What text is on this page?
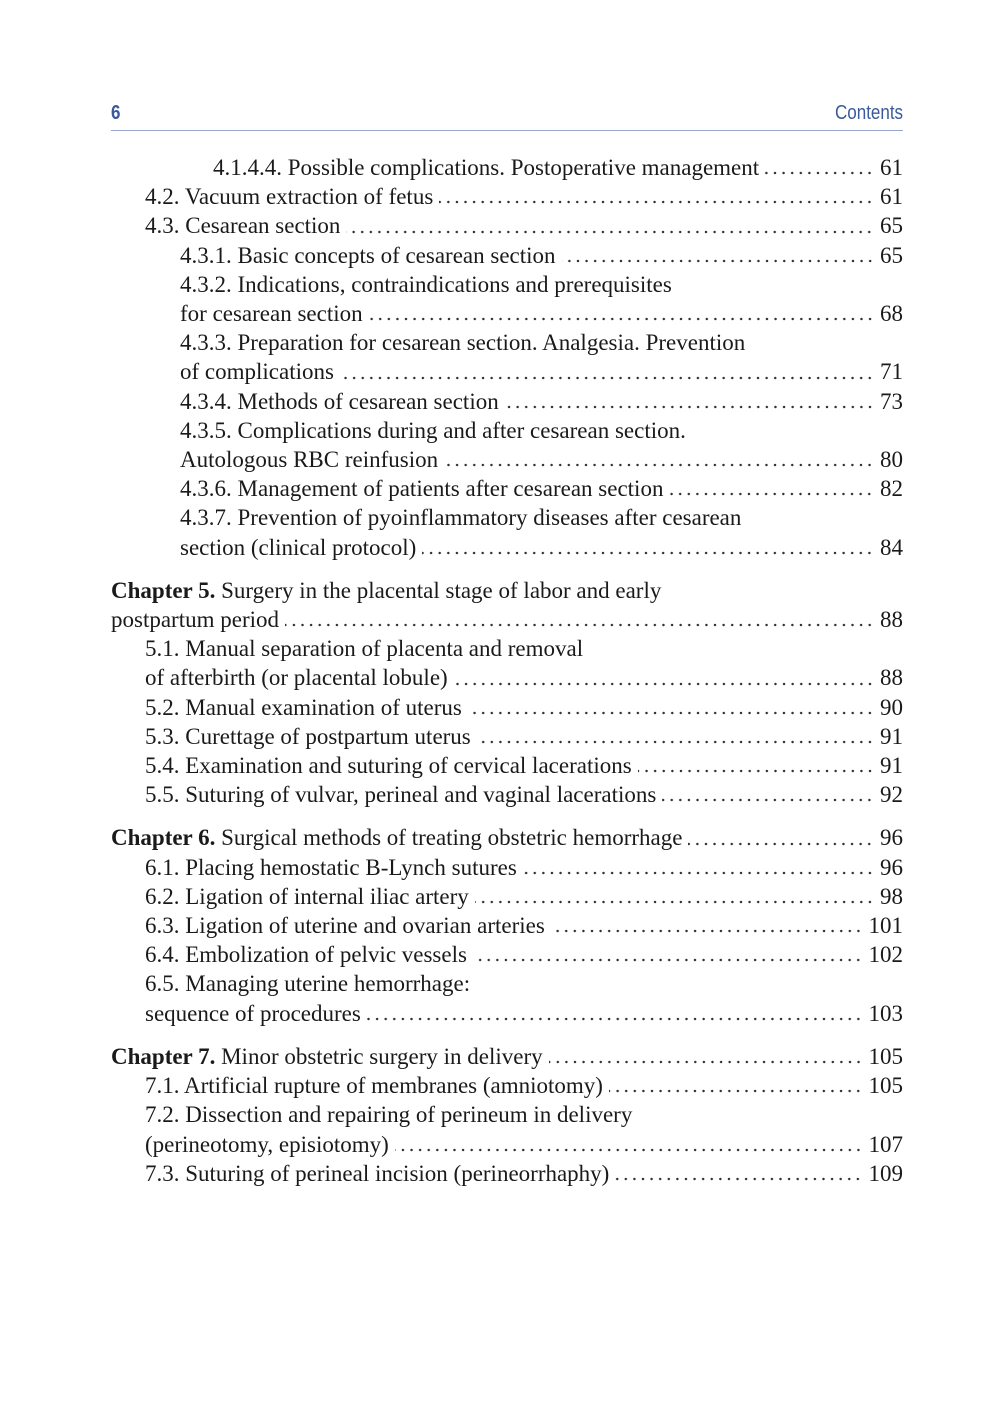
6	Contents
4.1.4.4. Possible complications. Postoperative management	61
4.2. Vacuum extraction of fetus	61
4.3. Cesarean section	65
4.3.1. Basic concepts of cesarean section	65
4.3.2. Indications, contraindications and prerequisites
for cesarean section	68
4.3.3. Preparation for cesarean section. Analgesia. Prevention
of complications	71
4.3.4. Methods of cesarean section	73
4.3.5. Complications during and after cesarean section.
Autologous RBC reinfusion	80
4.3.6. Management of patients after cesarean section	82
4.3.7. Prevention of pyoinflammatory diseases after cesarean
section (clinical protocol)	84
Chapter 5. Surgery in the placental stage of labor and early
postpartum period	88
5.1. Manual separation of placenta and removal
of afterbirth (or placental lobule)	88
5.2. Manual examination of uterus	90
5.3. Curettage of postpartum uterus	91
5.4. Examination and suturing of cervical lacerations	91
5.5. Suturing of vulvar, perineal and vaginal lacerations	92
Chapter 6. Surgical methods of treating obstetric hemorrhage	96
6.1. Placing hemostatic B-Lynch sutures	96
6.2. Ligation of internal iliac artery	98
6.3. Ligation of uterine and ovarian arteries	101
6.4. Embolization of pelvic vessels	102
6.5. Managing uterine hemorrhage:
sequence of procedures	103
Chapter 7. Minor obstetric surgery in delivery	105
7.1. Artificial rupture of membranes (amniotomy)	105
7.2. Dissection and repairing of perineum in delivery
(perineotomy, episiotomy)	107
7.3. Suturing of perineal incision (perineorrhaphy)	109
